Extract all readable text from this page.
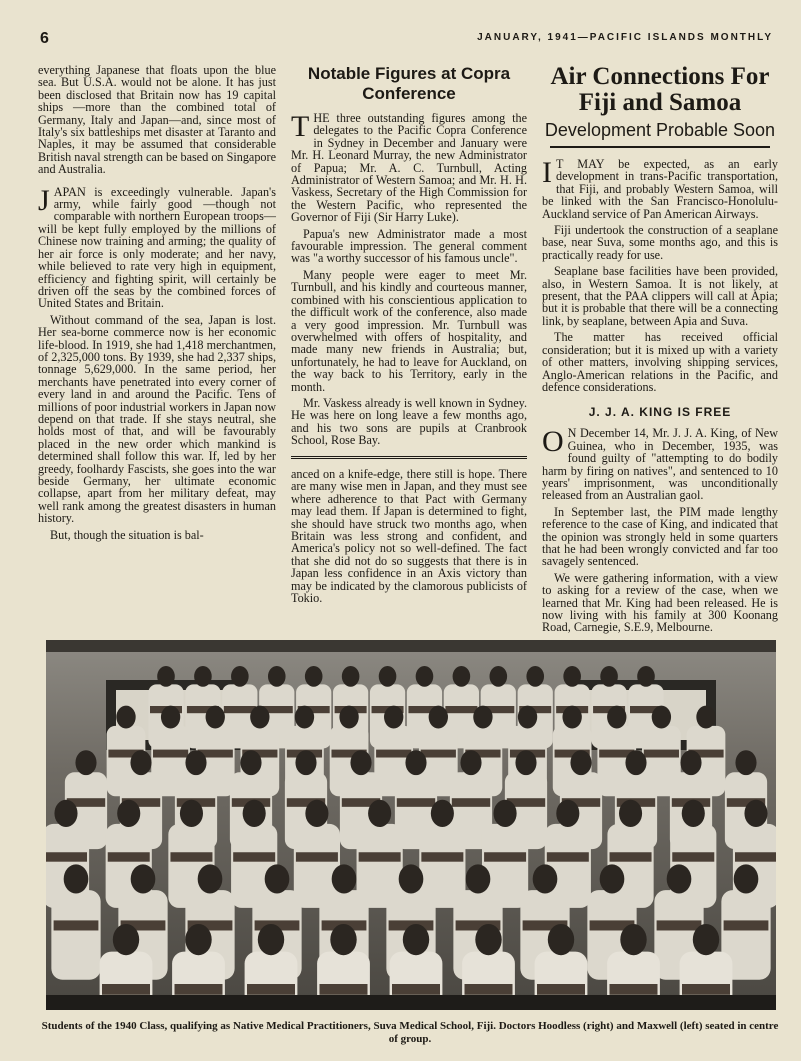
6	JANUARY, 1941—PACIFIC ISLANDS MONTHLY

everything Japanese that floats upon the blue sea. But U.S.A. would not be alone. It has just been disclosed that Britain now has 19 capital ships —more than the combined total of Germany, Italy and Japan—and, since most of Italy's six battleships met disaster at Taranto and Naples, it may be assumed that considerable British naval strength can be based on Singapore and Australia.

J APAN is exceedingly vulnerable. Japan's army, while fairly good —though not comparable with northern European troops—will be kept fully employed by the millions of Chinese now training and arming; the quality of her air force is only moderate; and her navy, while believed to rate very high in equipment, efficiency and fighting spirit, will certainly be driven off the seas by the combined forces of United States and Britain.

Without command of the sea, Japan is lost. Her sea-borne commerce now is her economic life-blood. In 1919, she had 1,418 merchantmen, of 2,325,000 tons. By 1939, she had 2,337 ships, tonnage 5,629,000. In the same period, her merchants have penetrated into every corner of every land in and around the Pacific. Tens of millions of poor industrial workers in Japan now depend on that trade. If she stays neutral, she holds most of that, and will be favourably placed in the new order which mankind is determined shall follow this war. If, led by her greedy, foolhardy Fascists, she goes into the war beside Germany, her ultimate economic collapse, apart from her military defeat, may well rank among the greatest disasters in human history.

But, though the situation is bal-

Notable Figures at Copra Conference

T HE three outstanding figures among the delegates to the Pacific Copra Conference in Sydney in December and January were Mr. H. Leonard Murray, the new Administrator of Papua; Mr. A. C. Turnbull, Acting Administrator of Western Samoa; and Mr. H. H. Vaskess, Secretary of the High Commission for the Western Pacific, who represented the Governor of Fiji (Sir Harry Luke).

Papua's new Administrator made a most favourable impression. The general comment was "a worthy successor of his famous uncle".

Many people were eager to meet Mr. Turnbull, and his kindly and courteous manner, combined with his conscientious application to the difficult work of the conference, also made a very good impression. Mr. Turnbull was overwhelmed with offers of hospitality, and made many new friends in Australia; but, unfortunately, he had to leave for Auckland, on the way back to his Territory, early in the month.

Mr. Vaskess already is well known in Sydney. He was here on long leave a few months ago, and his two sons are pupils at Cranbrook School, Rose Bay.

anced on a knife-edge, there still is hope. There are many wise men in Japan, and they must see where adherence to that Pact with Germany may lead them. If Japan is determined to fight, she should have struck two months ago, when Britain was less strong and confident, and America's policy not so well-defined. The fact that she did not do so suggests that there is in Japan less confidence in an Axis victory than may be indicated by the clamorous publicists of Tokio.

Air Connections For Fiji and Samoa
Development Probable Soon

I T MAY be expected, as an early development in trans-Pacific transportation, that Fiji, and probably Western Samoa, will be linked with the San Francisco-Honolulu-Auckland service of Pan American Airways.

Fiji undertook the construction of a seaplane base, near Suva, some months ago, and this is practically ready for use.

Seaplane base facilities have been provided, also, in Western Samoa. It is not likely, at present, that the PAA clippers will call at Apia; but it is probable that there will be a connecting link, by seaplane, between Apia and Suva.

The matter has received official consideration; but it is mixed up with a variety of other matters, involving shipping services, Anglo-American relations in the Pacific, and defence considerations.

J. J. A. KING IS FREE

O N December 14, Mr. J. J. A. King, of New Guinea, who in December, 1935, was found guilty of "attempting to do bodily harm by firing on natives", and sentenced to 10 years' imprisonment, was unconditionally released from an Australian gaol.

In September last, the PIM made lengthy reference to the case of King, and indicated that the opinion was strongly held in some quarters that he had been wrongly convicted and far too savagely sentenced.

We were gathering information, with a view to asking for a review of the case, when we learned that Mr. King had been released. He is now living with his family at 300 Koonang Road, Carnegie, S.E.9, Melbourne.

Students of the 1940 Class, qualifying as Native Medical Practitioners, Suva Medical School, Fiji. Doctors Hoodless (right) and Maxwell (left) seated in centre of group.
